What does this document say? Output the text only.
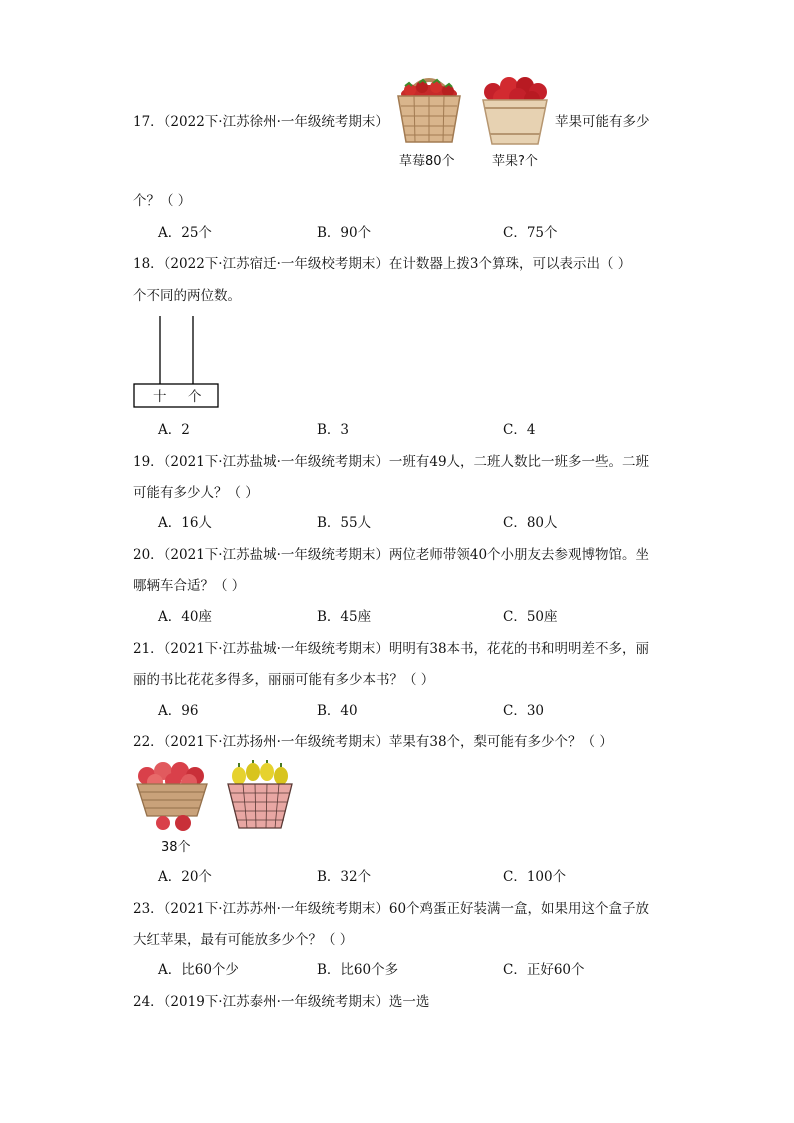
17．（2022下·江苏徐州·一年级统考期末）
草莓80个	苹果?个
苹果可能有多少
个？（ ）
A．25个	B．90个	C．75个
18．（2022下·江苏宿迁·一年级校考期末）在计数器上拨3个算珠，可以表示出（ ）
个不同的两位数。
十 个
A．2	B．3	C．4
19．（2021下·江苏盐城·一年级统考期末）一班有49人，二班人数比一班多一些。二班
可能有多少人？（ ）
A．16人	B．55人	C．80人
20．（2021下·江苏盐城·一年级统考期末）两位老师带领40个小朋友去参观博物馆。坐
哪辆车合适？（ ）
A．40座	B．45座	C．50座
21．（2021下·江苏盐城·一年级统考期末）明明有38本书，花花的书和明明差不多，丽
丽的书比花花多得多，丽丽可能有多少本书？（ ）
A．96	B．40	C．30
22．（2021下·江苏扬州·一年级统考期末）苹果有38个，梨可能有多少个？（ ）
38个
A．20个	B．32个	C．100个
23．（2021下·江苏苏州·一年级统考期末）60个鸡蛋正好装满一盒，如果用这个盒子放
大红苹果，最有可能放多少个？（ ）
A．比60个少	B．比60个多	C．正好60个
24．（2019下·江苏泰州·一年级统考期末）选一选
